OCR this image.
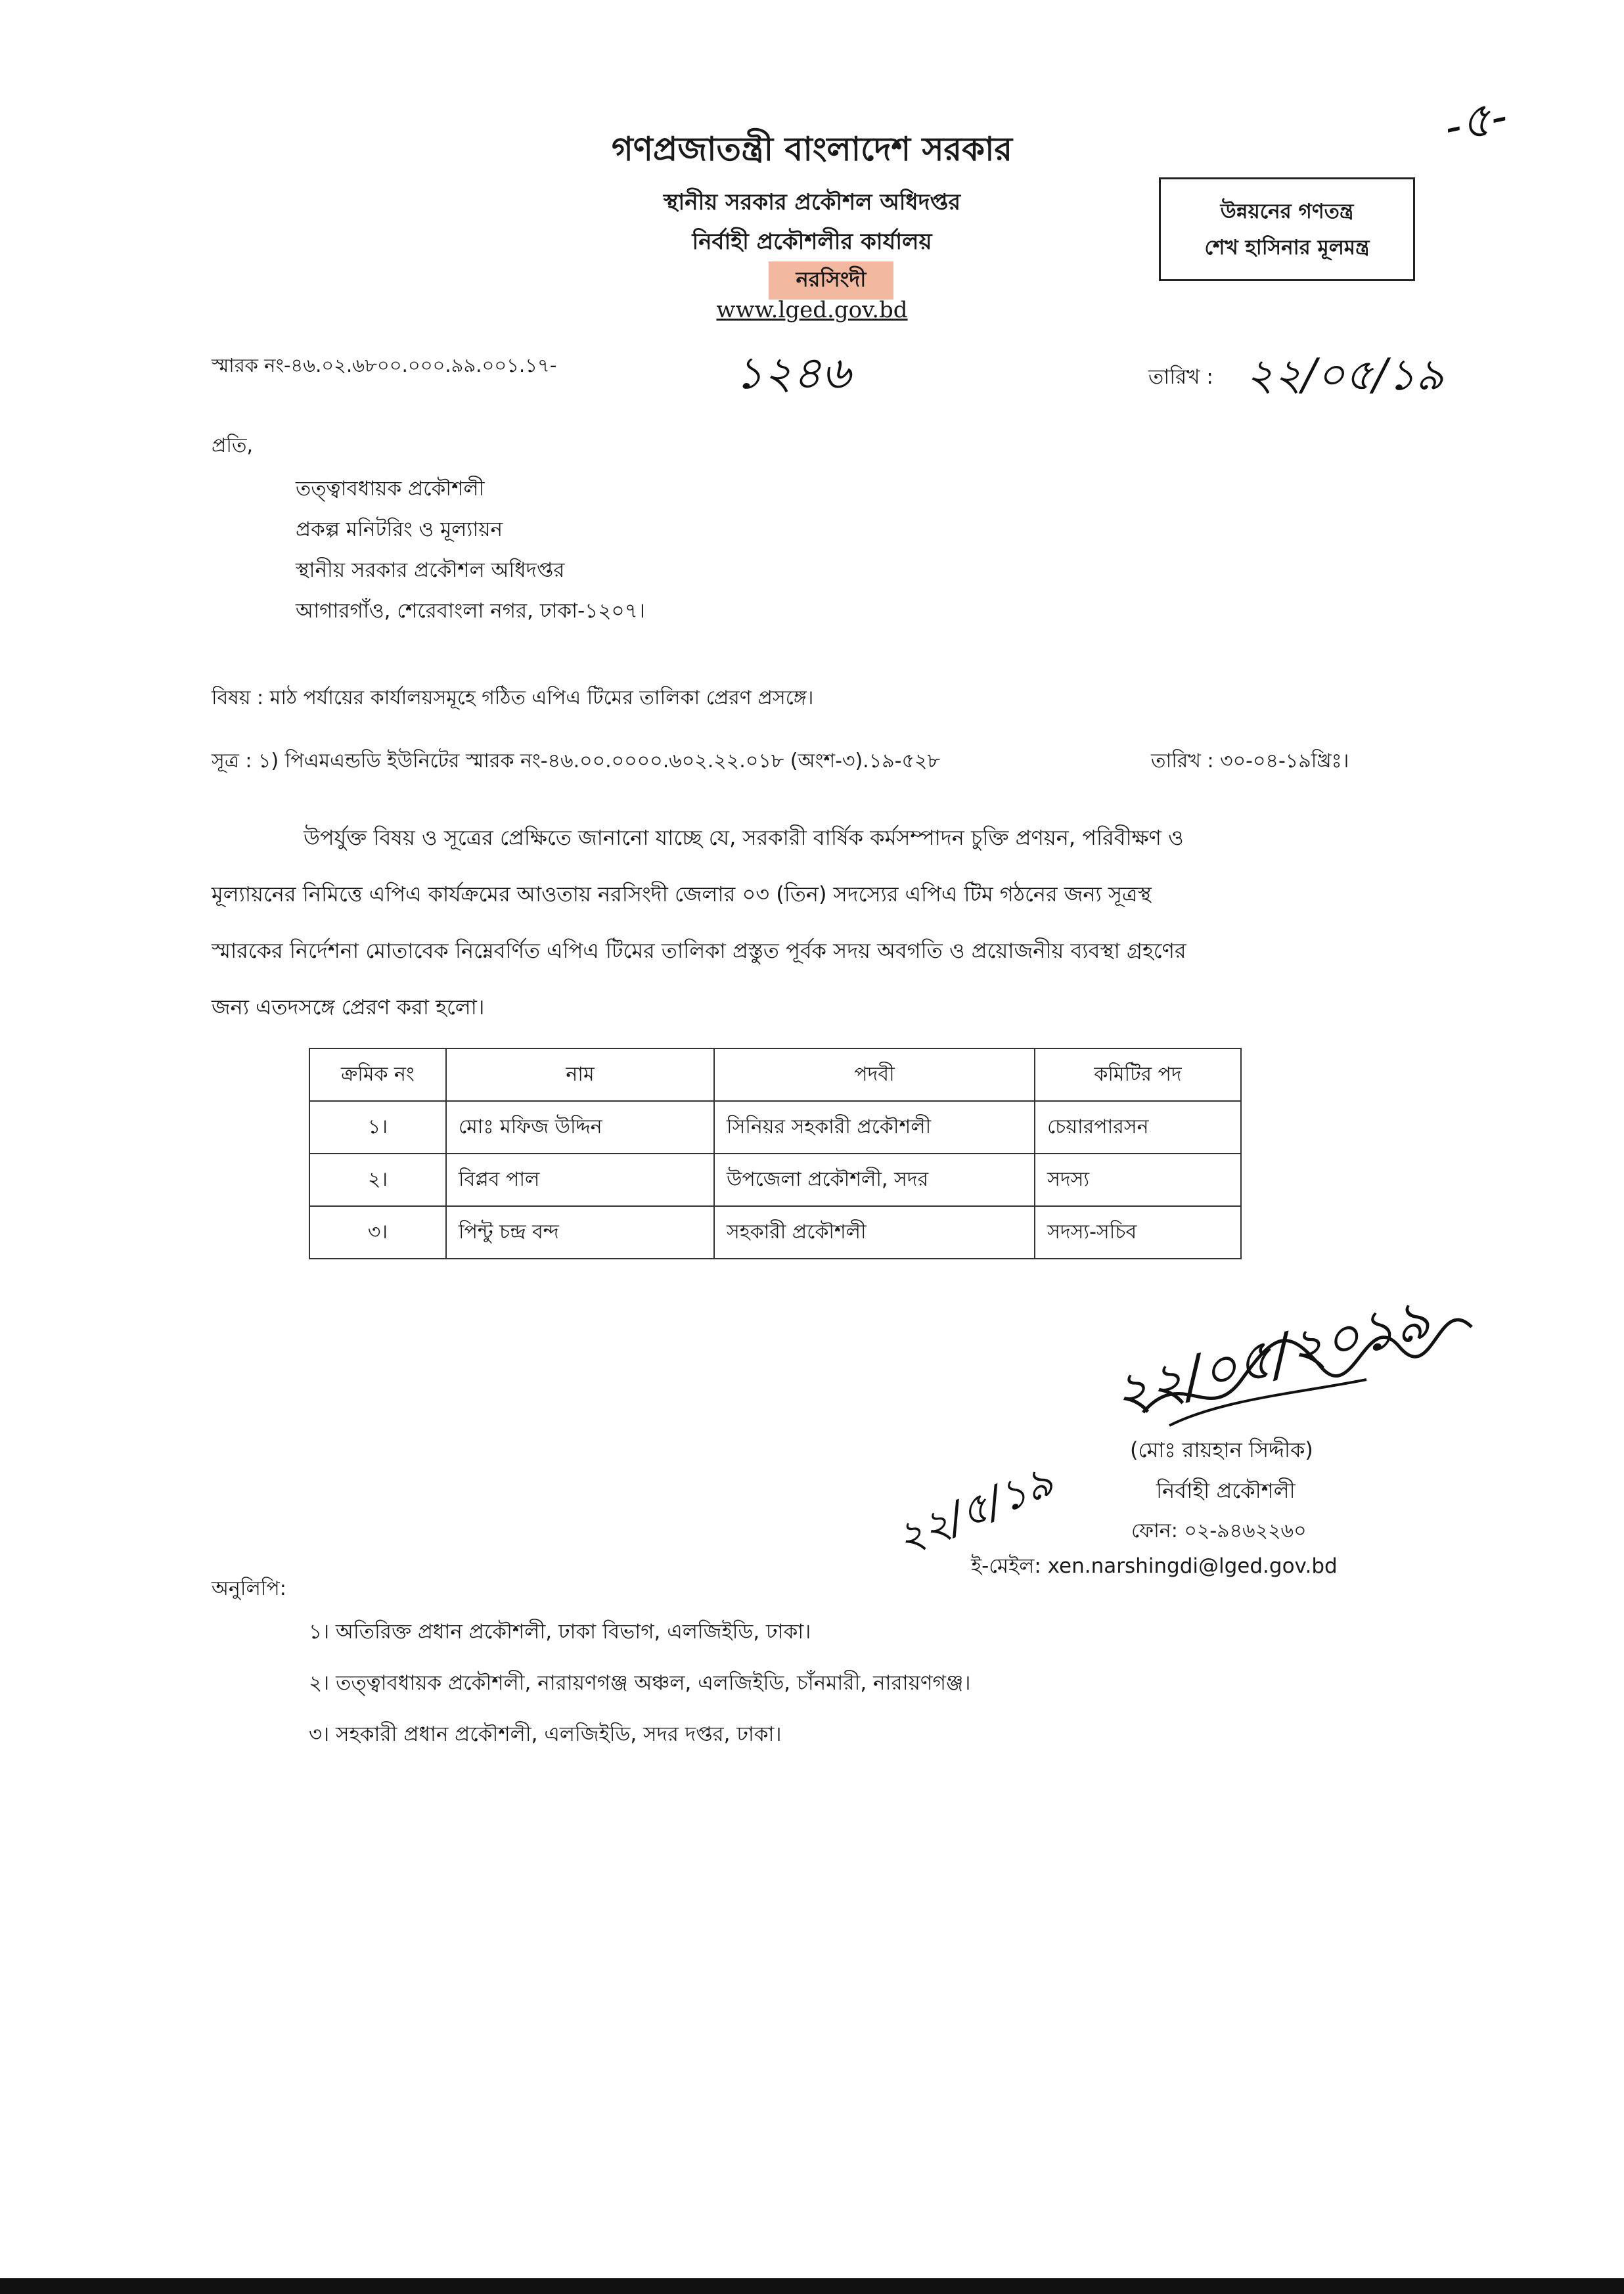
-৫-
গণপ্রজাতন্ত্রী বাংলাদেশ সরকার
স্থানীয় সরকার প্রকৌশল অধিদপ্তর
নির্বাহী প্রকৌশলীর কার্যালয়
নরসিংদী
www.lged.gov.bd
উন্নয়নের গণতন্ত্র
শেখ হাসিনার মূলমন্ত্র
স্মারক নং-৪৬.০২.৬৮০০.০০০.৯৯.০০১.১৭-	১২৪৬	তারিখ : ২২/০৫/১৯
প্রতি,
তত্ত্বাবধায়ক প্রকৌশলী
প্রকল্প মনিটরিং ও মূল্যায়ন
স্থানীয় সরকার প্রকৌশল অধিদপ্তর
আগারগাঁও, শেরেবাংলা নগর, ঢাকা-১২০৭।
বিষয় : মাঠ পর্যায়ের কার্যালয়সমূহে গঠিত এপিএ টিমের তালিকা প্রেরণ প্রসঙ্গে।
সূত্র : ১) পিএমএন্ডডি ইউনিটের স্মারক নং-৪৬.০০.০০০০.৬০২.২২.০১৮ (অংশ-৩).১৯-৫২৮	তারিখ : ৩০-০৪-১৯খ্রিঃ।
উপর্যুক্ত বিষয় ও সূত্রের প্রেক্ষিতে জানানো যাচ্ছে যে, সরকারী বার্ষিক কর্মসম্পাদন চুক্তি প্রণয়ন, পরিবীক্ষণ ও
মূল্যায়নের নিমিত্তে এপিএ কার্যক্রমের আওতায় নরসিংদী জেলার ০৩ (তিন) সদস্যের এপিএ টিম গঠনের জন্য সূত্রস্থ
স্মারকের নির্দেশনা মোতাবেক নিম্নেবর্ণিত এপিএ টিমের তালিকা প্রস্তুত পূর্বক সদয় অবগতি ও প্রয়োজনীয় ব্যবস্থা গ্রহণের
জন্য এতদসঙ্গে প্রেরণ করা হলো।
ক্রমিক নং	নাম	পদবী	কমিটির পদ
১।	মোঃ মফিজ উদ্দিন	সিনিয়র সহকারী প্রকৌশলী	চেয়ারপারসন
২।	বিপ্লব পাল	উপজেলা প্রকৌশলী, সদর	সদস্য
৩।	পিন্টু চন্দ্র বন্দ	সহকারী প্রকৌশলী	সদস্য-সচিব
২২/০৫/২০১৯
(মোঃ রায়হান সিদ্দীক)
নির্বাহী প্রকৌশলী
ফোন: ০২-৯৪৬২২৬০
ই-মেইল: xen.narshingdi@lged.gov.bd
২২/৫/১৯
অনুলিপি:
১। অতিরিক্ত প্রধান প্রকৌশলী, ঢাকা বিভাগ, এলজিইডি, ঢাকা।
২। তত্ত্বাবধায়ক প্রকৌশলী, নারায়ণগঞ্জ অঞ্চল, এলজিইডি, চাঁনমারী, নারায়ণগঞ্জ।
৩। সহকারী প্রধান প্রকৌশলী, এলজিইডি, সদর দপ্তর, ঢাকা।
